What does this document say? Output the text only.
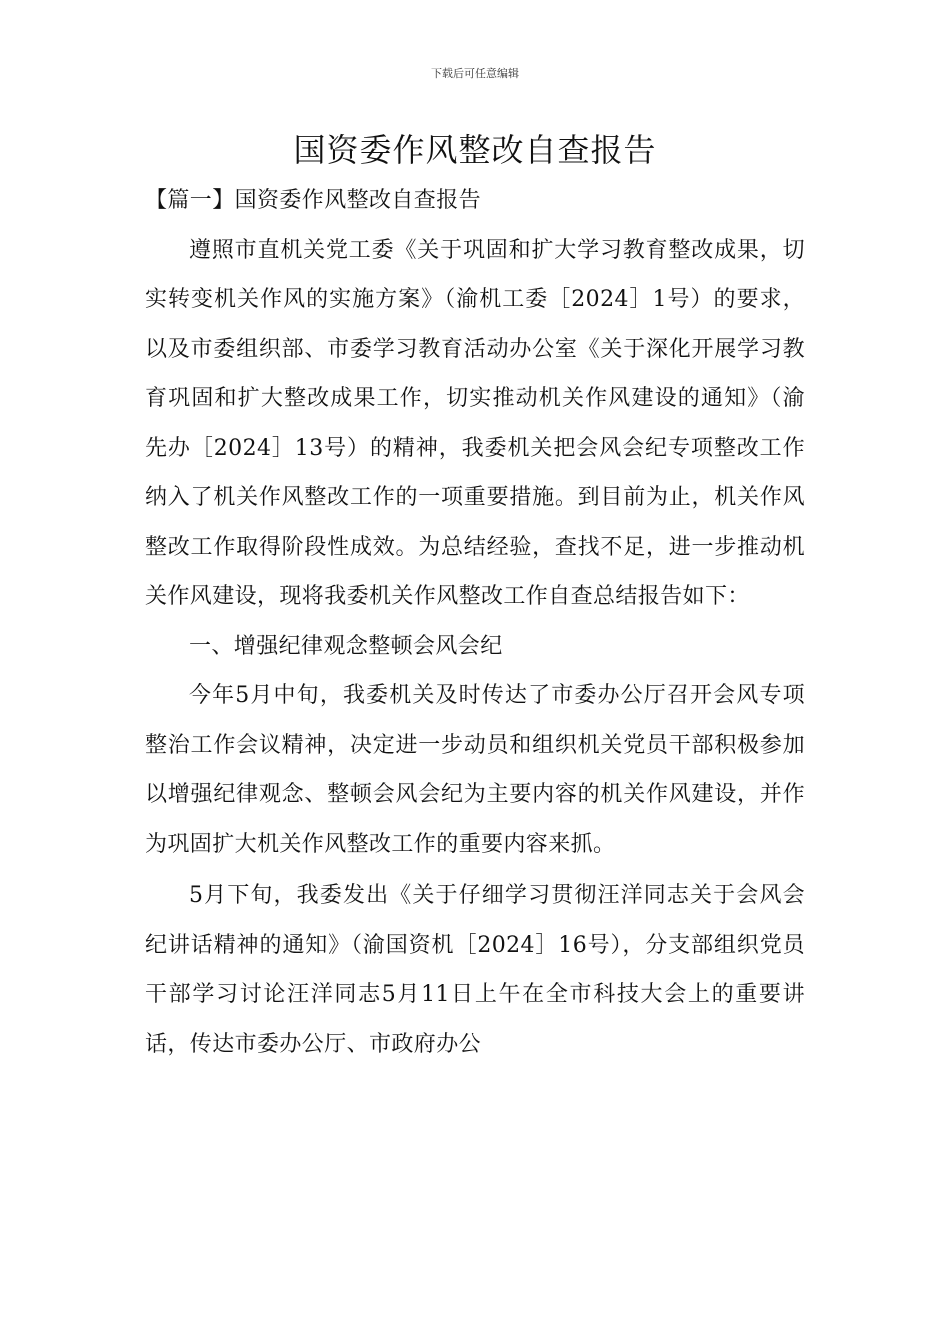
下载后可任意编辑
国资委作风整改自查报告

【篇一】国资委作风整改自查报告

遵照市直机关党工委《关于巩固和扩大学习教育整改成果，切实转变机关作风的实施方案》（渝机工委［2024］1号）的要求，以及市委组织部、市委学习教育活动办公室《关于深化开展学习教育巩固和扩大整改成果工作，切实推动机关作风建设的通知》（渝先办［2024］13号）的精神，我委机关把会风会纪专项整改工作纳入了机关作风整改工作的一项重要措施。到目前为止，机关作风整改工作取得阶段性成效。为总结经验，查找不足，进一步推动机关作风建设，现将我委机关作风整改工作自查总结报告如下：

一、增强纪律观念整顿会风会纪

今年5月中旬，我委机关及时传达了市委办公厅召开会风专项整治工作会议精神，决定进一步动员和组织机关党员干部积极参加以增强纪律观念、整顿会风会纪为主要内容的机关作风建设，并作为巩固扩大机关作风整改工作的重要内容来抓。

5月下旬，我委发出《关于仔细学习贯彻汪洋同志关于会风会纪讲话精神的通知》（渝国资机［2024］16号），分支部组织党员干部学习讨论汪洋同志5月11日上午在全市科技大会上的重要讲话，传达市委办公厅、市政府办公
